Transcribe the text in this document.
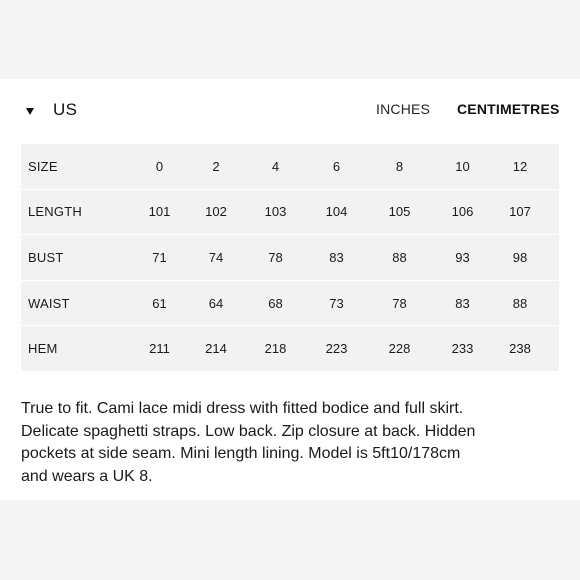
US	INCHES CENTIMETRES
SIZE	0	2	4	6	8	10	12
LENGTH	101	102	103	104	105	106	107
BUST	71	74	78	83	88	93	98
WAIST	61	64	68	73	78	83	88
HEM	211	214	218	223	228	233	238

True to fit. Cami lace midi dress with fitted bodice and full skirt. Delicate spaghetti straps. Low back. Zip closure at back. Hidden pockets at side seam. Mini length lining. Model is 5ft10/178cm and wears a UK 8.
